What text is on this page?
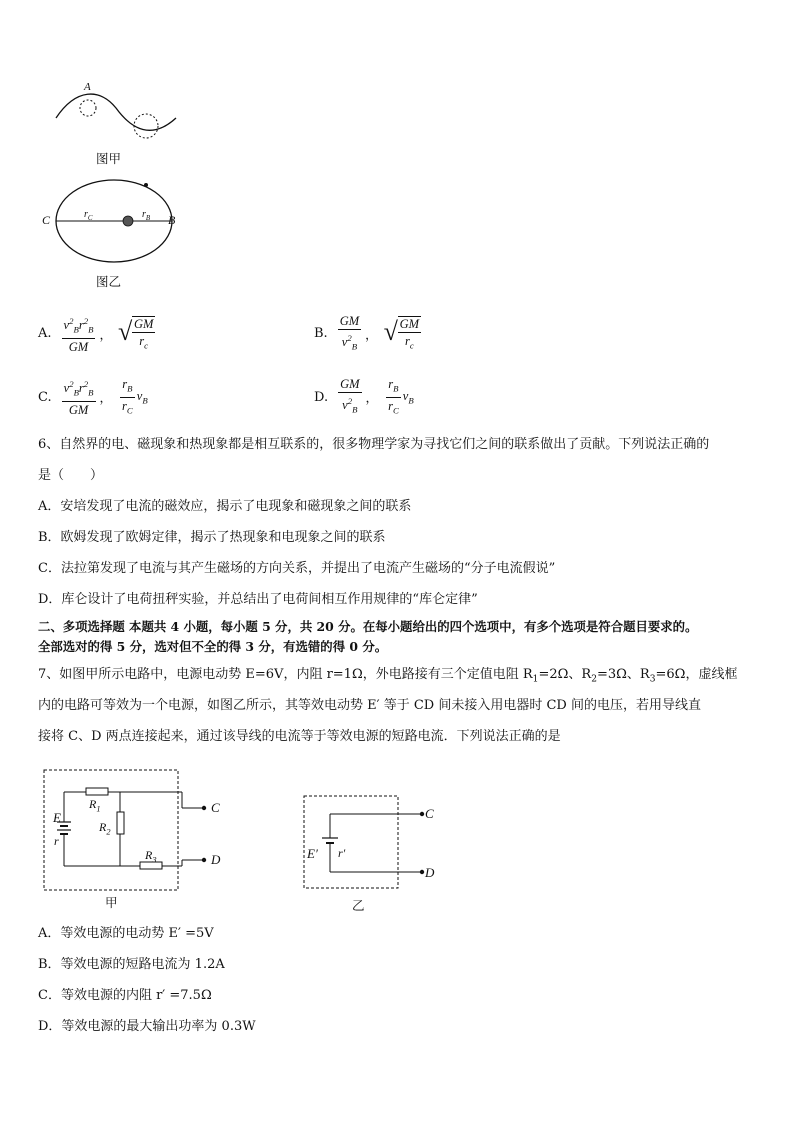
A
图甲
C	B
$r_C$	$r_B$
图乙
A. $\frac{v^2_Br^2_B}{GM}$ ， √ $\frac{GM}{r_c}$	B. $\frac{GM}{v^2_B}$ ， √ $\frac{GM}{r_c}$
C. $\frac{v^2_Br^2_B}{GM}$ ， $\frac{r_B}{r_C} v_B$	D. $\frac{GM}{v^2_B}$ ， $\frac{r_B}{r_C} v_B$
6、自然界的电、磁现象和热现象都是相互联系的，很多物理学家为寻找它们之间的联系做出了贡献。下列说法正确的
是（　　）
A．安培发现了电流的磁效应，揭示了电现象和磁现象之间的联系
B．欧姆发现了欧姆定律，揭示了热现象和电现象之间的联系
C．法拉第发现了电流与其产生磁场的方向关系，并提出了电流产生磁场的“分子电流假说”
D．库仑设计了电荷扭秤实验，并总结出了电荷间相互作用规律的“库仑定律”
二、多项选择题 本题共 4 小题，每小题 5 分，共 20 分。在每小题给出的四个选项中，有多个选项是符合题目要求的。
全部选对的得 5 分，选对但不全的得 3 分，有选错的得 0 分。
7、如图甲所示电路中，电源电动势 E=6V，内阻 r=1Ω，外电路接有三个定值电阻 $R_1=2\Omega$、$R_2=3\Omega$、$R_3=6\Omega$，虚线框
内的电路可等效为一个电源，如图乙所示，其等效电动势 E′ 等于 CD 间未接入用电器时 CD 间的电压，若用导线直
接将 C、D 两点连接起来，通过该导线的电流等于等效电源的短路电流．下列说法正确的是
E
r
$R_1$
$R_2$
$R_3$
C
D
甲
E′ r′
C
D
乙
A．等效电源的电动势 E′ =5V
B．等效电源的短路电流为 1.2A
C．等效电源的内阻 r′ =7.5Ω
D．等效电源的最大输出功率为 0.3W
